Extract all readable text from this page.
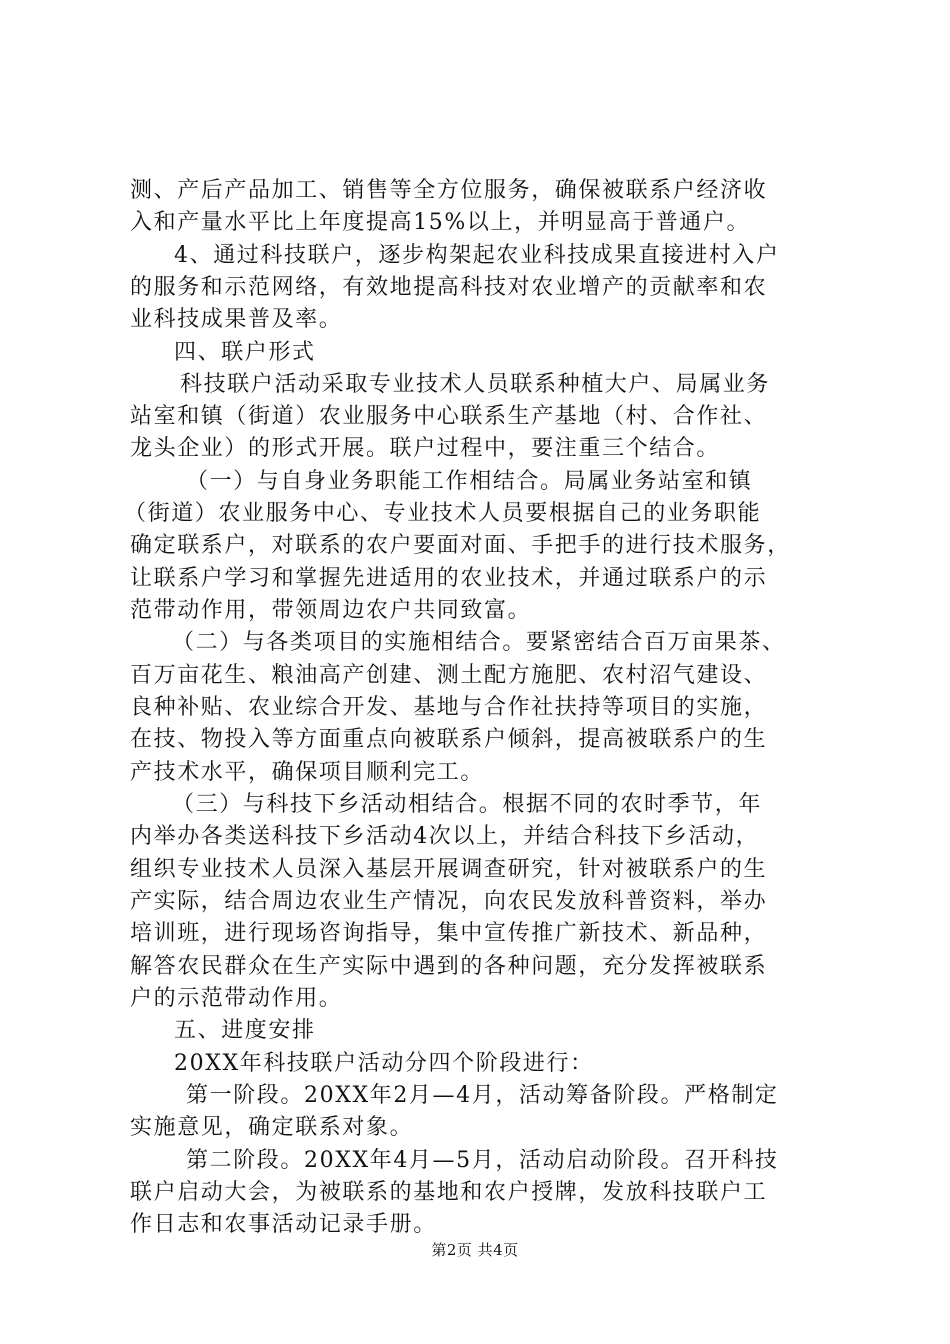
测、产后产品加工、销售等全方位服务，确保被联系户经济收
入和产量水平比上年度提高15%以上，并明显高于普通户。
4、通过科技联户，逐步构架起农业科技成果直接进村入户
的服务和示范网络，有效地提高科技对农业增产的贡献率和农
业科技成果普及率。
四、联户形式
科技联户活动采取专业技术人员联系种植大户、局属业务
站室和镇（街道）农业服务中心联系生产基地（村、合作社、
龙头企业）的形式开展。联户过程中，要注重三个结合。
（一）与自身业务职能工作相结合。局属业务站室和镇
（街道）农业服务中心、专业技术人员要根据自己的业务职能
确定联系户，对联系的农户要面对面、手把手的进行技术服务，
让联系户学习和掌握先进适用的农业技术，并通过联系户的示
范带动作用，带领周边农户共同致富。
（二）与各类项目的实施相结合。要紧密结合百万亩果茶、
百万亩花生、粮油高产创建、测土配方施肥、农村沼气建设、
良种补贴、农业综合开发、基地与合作社扶持等项目的实施，
在技、物投入等方面重点向被联系户倾斜，提高被联系户的生
产技术水平，确保项目顺利完工。
（三）与科技下乡活动相结合。根据不同的农时季节，年
内举办各类送科技下乡活动4次以上，并结合科技下乡活动，
组织专业技术人员深入基层开展调查研究，针对被联系户的生
产实际，结合周边农业生产情况，向农民发放科普资料，举办
培训班，进行现场咨询指导，集中宣传推广新技术、新品种，
解答农民群众在生产实际中遇到的各种问题，充分发挥被联系
户的示范带动作用。
五、进度安排
20XX年科技联户活动分四个阶段进行：
第一阶段。20XX年2月—4月，活动筹备阶段。严格制定
实施意见，确定联系对象。
第二阶段。20XX年4月—5月，活动启动阶段。召开科技
联户启动大会，为被联系的基地和农户授牌，发放科技联户工
作日志和农事活动记录手册。
第2页 共4页
